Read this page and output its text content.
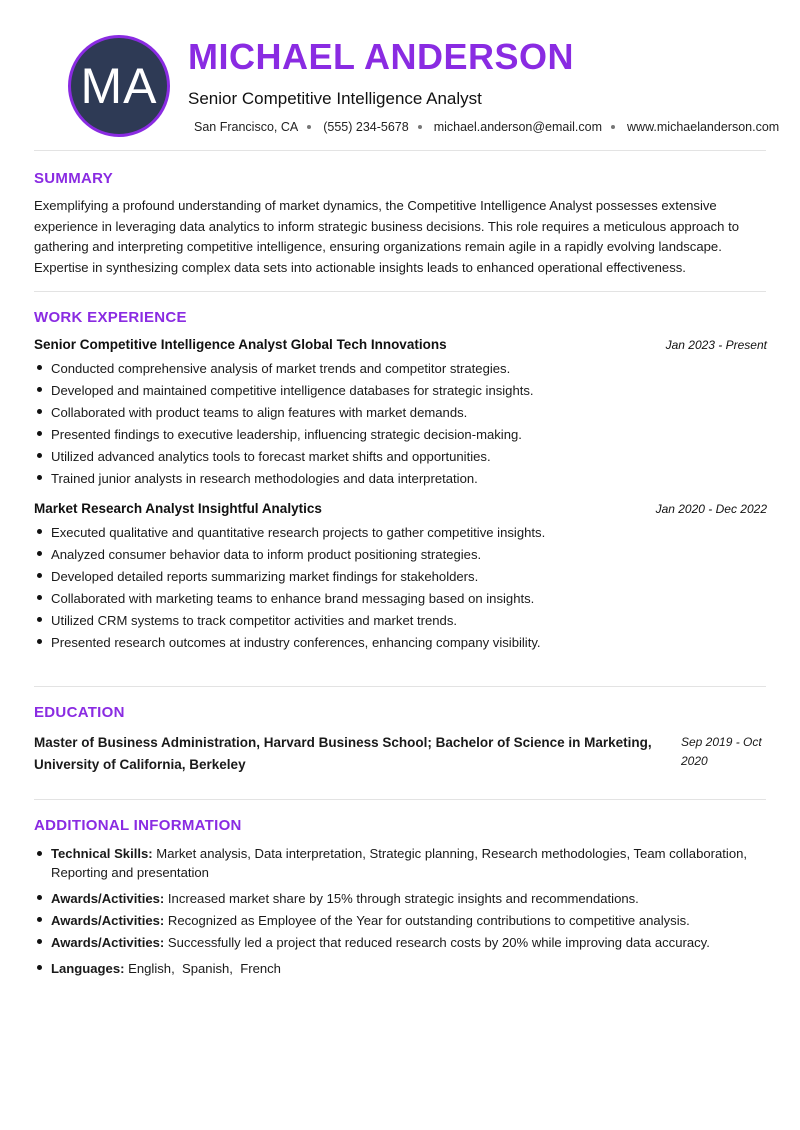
MA
MICHAEL ANDERSON
Senior Competitive Intelligence Analyst
San Francisco, CA (555) 234-5678 michael.anderson@email.com www.michaelanderson.com
SUMMARY

Exemplifying a profound understanding of market dynamics, the Competitive Intelligence Analyst possesses extensive experience in leveraging data analytics to inform strategic business decisions. This role requires a meticulous approach to gathering and interpreting competitive intelligence, ensuring organizations remain agile in a rapidly evolving landscape. Expertise in synthesizing complex data sets into actionable insights leads to enhanced operational effectiveness.

WORK EXPERIENCE
Senior Competitive Intelligence Analyst Global Tech Innovations	Jan 2023 - Present
Conducted comprehensive analysis of market trends and competitor strategies.
Developed and maintained competitive intelligence databases for strategic insights.
Collaborated with product teams to align features with market demands.
Presented findings to executive leadership, influencing strategic decision-making.
Utilized advanced analytics tools to forecast market shifts and opportunities.
Trained junior analysts in research methodologies and data interpretation.
Market Research Analyst Insightful Analytics	Jan 2020 - Dec 2022
Executed qualitative and quantitative research projects to gather competitive insights.
Analyzed consumer behavior data to inform product positioning strategies.
Developed detailed reports summarizing market findings for stakeholders.
Collaborated with marketing teams to enhance brand messaging based on insights.
Utilized CRM systems to track competitor activities and market trends.
Presented research outcomes at industry conferences, enhancing company visibility.
EDUCATION
Master of Business Administration, Harvard Business School; Bachelor of Science in Marketing, University of California, Berkeley
Sep 2019 - Oct 2020
ADDITIONAL INFORMATION
Technical Skills: Market analysis, Data interpretation, Strategic planning, Research methodologies, Team collaboration, Reporting and presentation
Awards/Activities: Increased market share by 15% through strategic insights and recommendations.
Awards/Activities: Recognized as Employee of the Year for outstanding contributions to competitive analysis.
Awards/Activities: Successfully led a project that reduced research costs by 20% while improving data accuracy.
Languages: English,  Spanish,  French
